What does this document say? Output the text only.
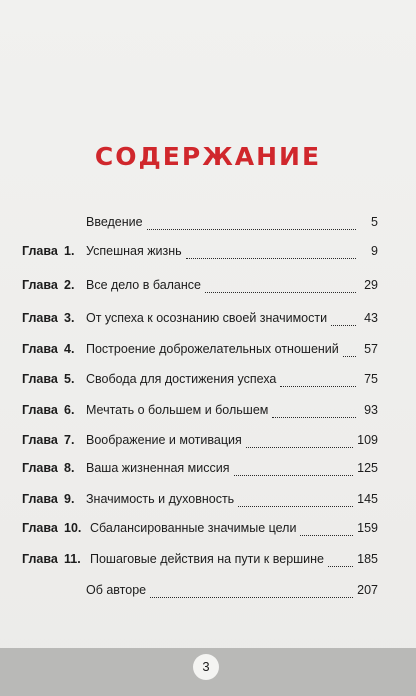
СОДЕРЖАНИЕ
Введение	5
Глава 1. Успешная жизнь	9
Глава 2. Все дело в балансе	29
Глава 3. От успеха к осознанию своей значимости	43
Глава 4. Построение доброжелательных отношений	57
Глава 5. Свобода для достижения успеха	75
Глава 6. Мечтать о большем и большем	93
Глава 7. Воображение и мотивация	109
Глава 8. Ваша жизненная миссия	125
Глава 9. Значимость и духовность	145
Глава 10. Сбалансированные значимые цели	159
Глава 11. Пошаговые действия на пути к вершине	185
Об авторе	207
3
